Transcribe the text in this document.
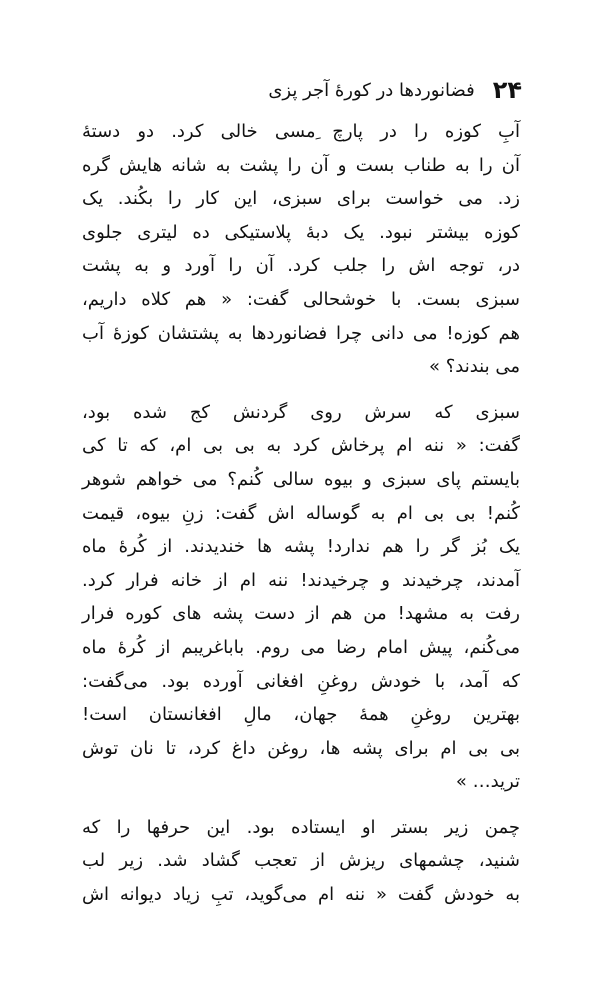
۲۴
فضانوردها در کورهٔ آجر پزی
آبِ کوزه را در پارچ ِمسی خالی کرد. دو دستهٔ
آن را به طناب بست و آن را پشت به شانه هایش گره
زد. می خواست برای سبزی، این کار را بکُند. یک
کوزه بیشتر نبود. یک دبهٔ پلاستیکی ده لیتری جلوی
در، توجه اش را جلب کرد. آن را آورد و به پشت
سبزی بست. با خوشحالی گفت: « هم کلاه داریم،
هم کوزه! می دانی چرا فضانوردها به پشتشان کوزهٔ آب
می بندند؟ »
سبزی که سرش روی گردنش کج شده بود،
گفت: « ننه ام پرخاش کرد به بی بی ام، که تا کی
بایستم پای سبزی و بیوه سالی کُنم؟ می خواهم شوهر
کُنم! بی بی ام به گوساله اش گفت: زنِ بیوه، قیمت
یک بُز گر را هم ندارد! پشه ها خندیدند. از کُرهٔ ماه
آمدند، چرخیدند و چرخیدند! ننه ام از خانه فرار کرد.
رفت به مشهد! من هم از دست پشه های کوره فرار
می‌کُنم، پیش امام رضا می روم. باباغریبم از کُرهٔ ماه
که آمد، با خودش روغنِ افغانی آورده بود. می‌گفت:
بهترین روغنِ همهٔ جهان، مالِ افغانستان است!
بی بی ام برای پشه ها، روغن داغ کرد، تا نان توش
ترید… »
چمن زیر بستر او ایستاده بود. این حرفها را که
شنید، چشمهای ریزش از تعجب گشاد شد. زیر لب
به خودش گفت « ننه ام می‌گوید، تبِ زیاد دیوانه اش
